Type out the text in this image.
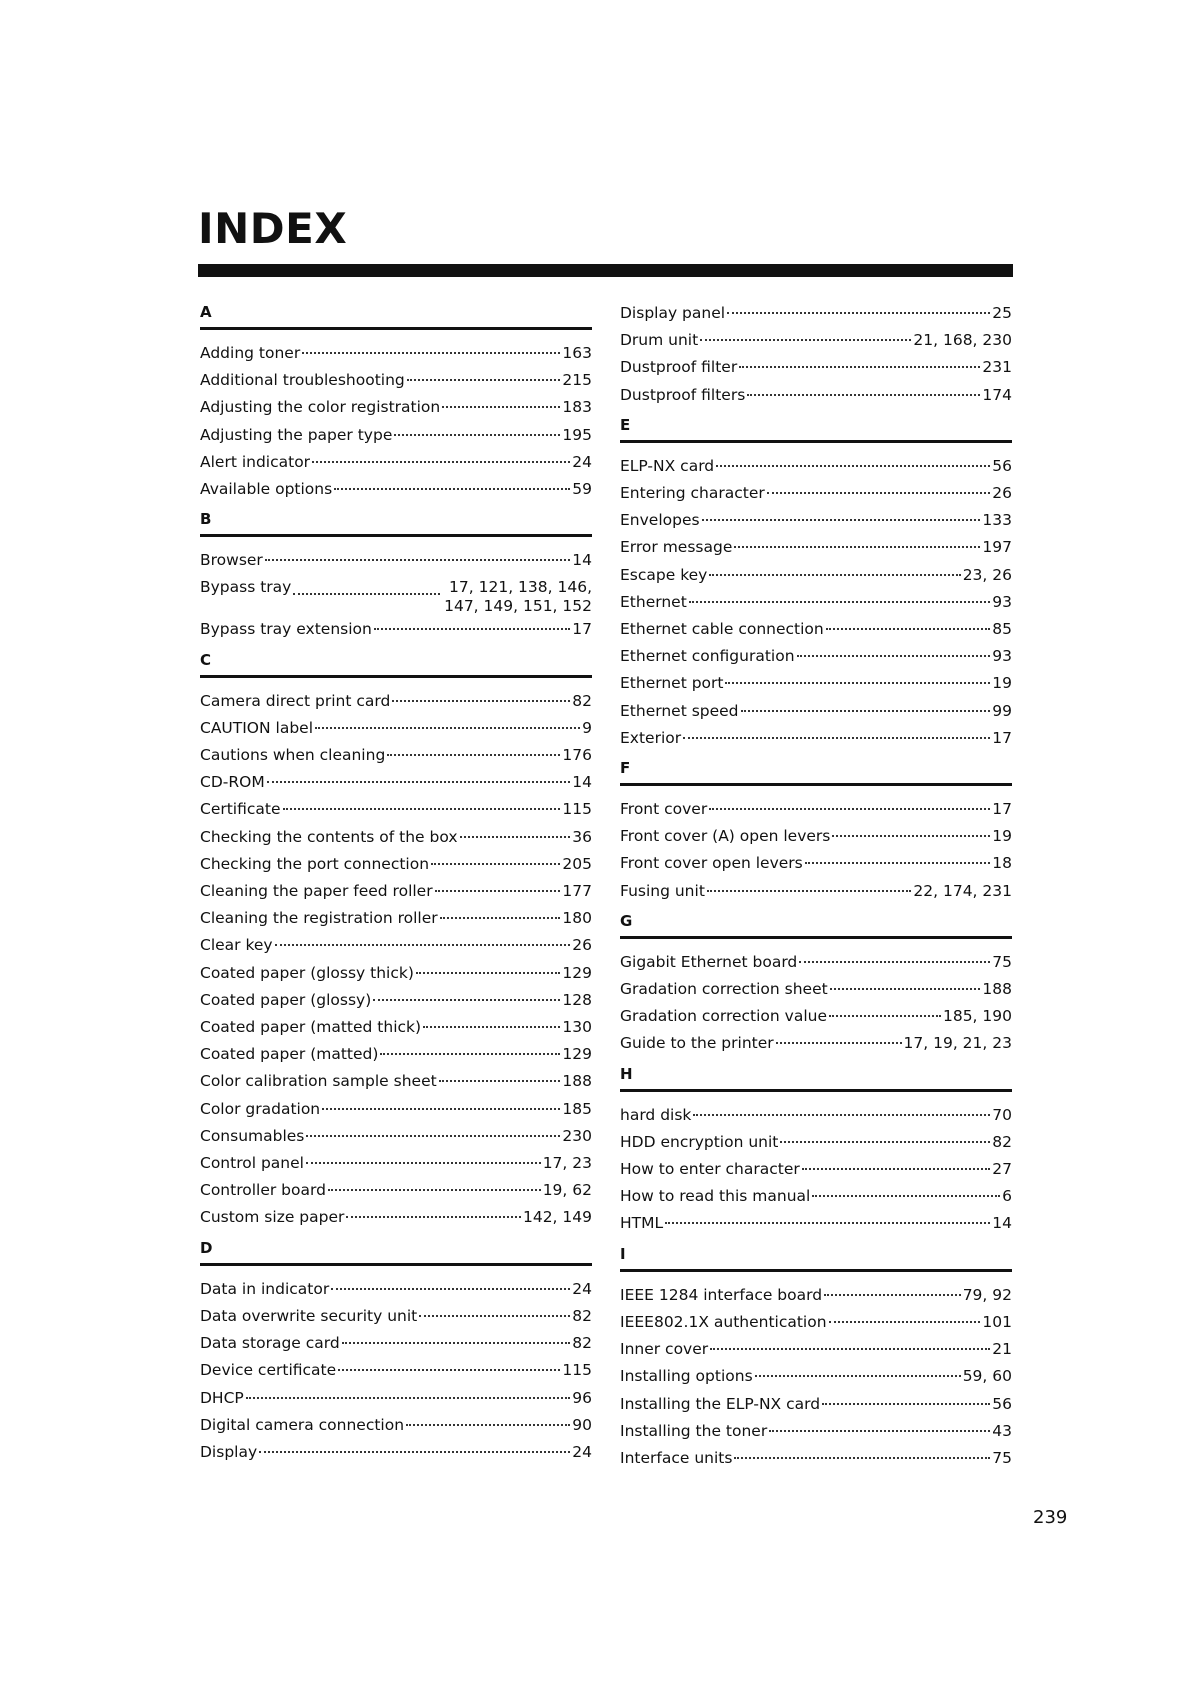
INDEX
A
Adding toner	163
Additional troubleshooting	215
Adjusting the color registration	183
Adjusting the paper type	195
Alert indicator	24
Available options	59
B
Browser	14
Bypass tray	17, 121, 138, 146, 147, 149, 151, 152
Bypass tray extension	17
C
Camera direct print card	82
CAUTION label	9
Cautions when cleaning	176
CD-ROM	14
Certificate	115
Checking the contents of the box	36
Checking the port connection	205
Cleaning the paper feed roller	177
Cleaning the registration roller	180
Clear key	26
Coated paper (glossy thick)	129
Coated paper (glossy)	128
Coated paper (matted thick)	130
Coated paper (matted)	129
Color calibration sample sheet	188
Color gradation	185
Consumables	230
Control panel	17, 23
Controller board	19, 62
Custom size paper	142, 149
D
Data in indicator	24
Data overwrite security unit	82
Data storage card	82
Device certificate	115
DHCP	96
Digital camera connection	90
Display	24
Display panel	25
Drum unit	21, 168, 230
Dustproof filter	231
Dustproof filters	174
E
ELP-NX card	56
Entering character	26
Envelopes	133
Error message	197
Escape key	23, 26
Ethernet	93
Ethernet cable connection	85
Ethernet configuration	93
Ethernet port	19
Ethernet speed	99
Exterior	17
F
Front cover	17
Front cover (A) open levers	19
Front cover open levers	18
Fusing unit	22, 174, 231
G
Gigabit Ethernet board	75
Gradation correction sheet	188
Gradation correction value	185, 190
Guide to the printer	17, 19, 21, 23
H
hard disk	70
HDD encryption unit	82
How to enter character	27
How to read this manual	6
HTML	14
I
IEEE 1284 interface board	79, 92
IEEE802.1X authentication	101
Inner cover	21
Installing options	59, 60
Installing the ELP-NX card	56
Installing the toner	43
Interface units	75
239
